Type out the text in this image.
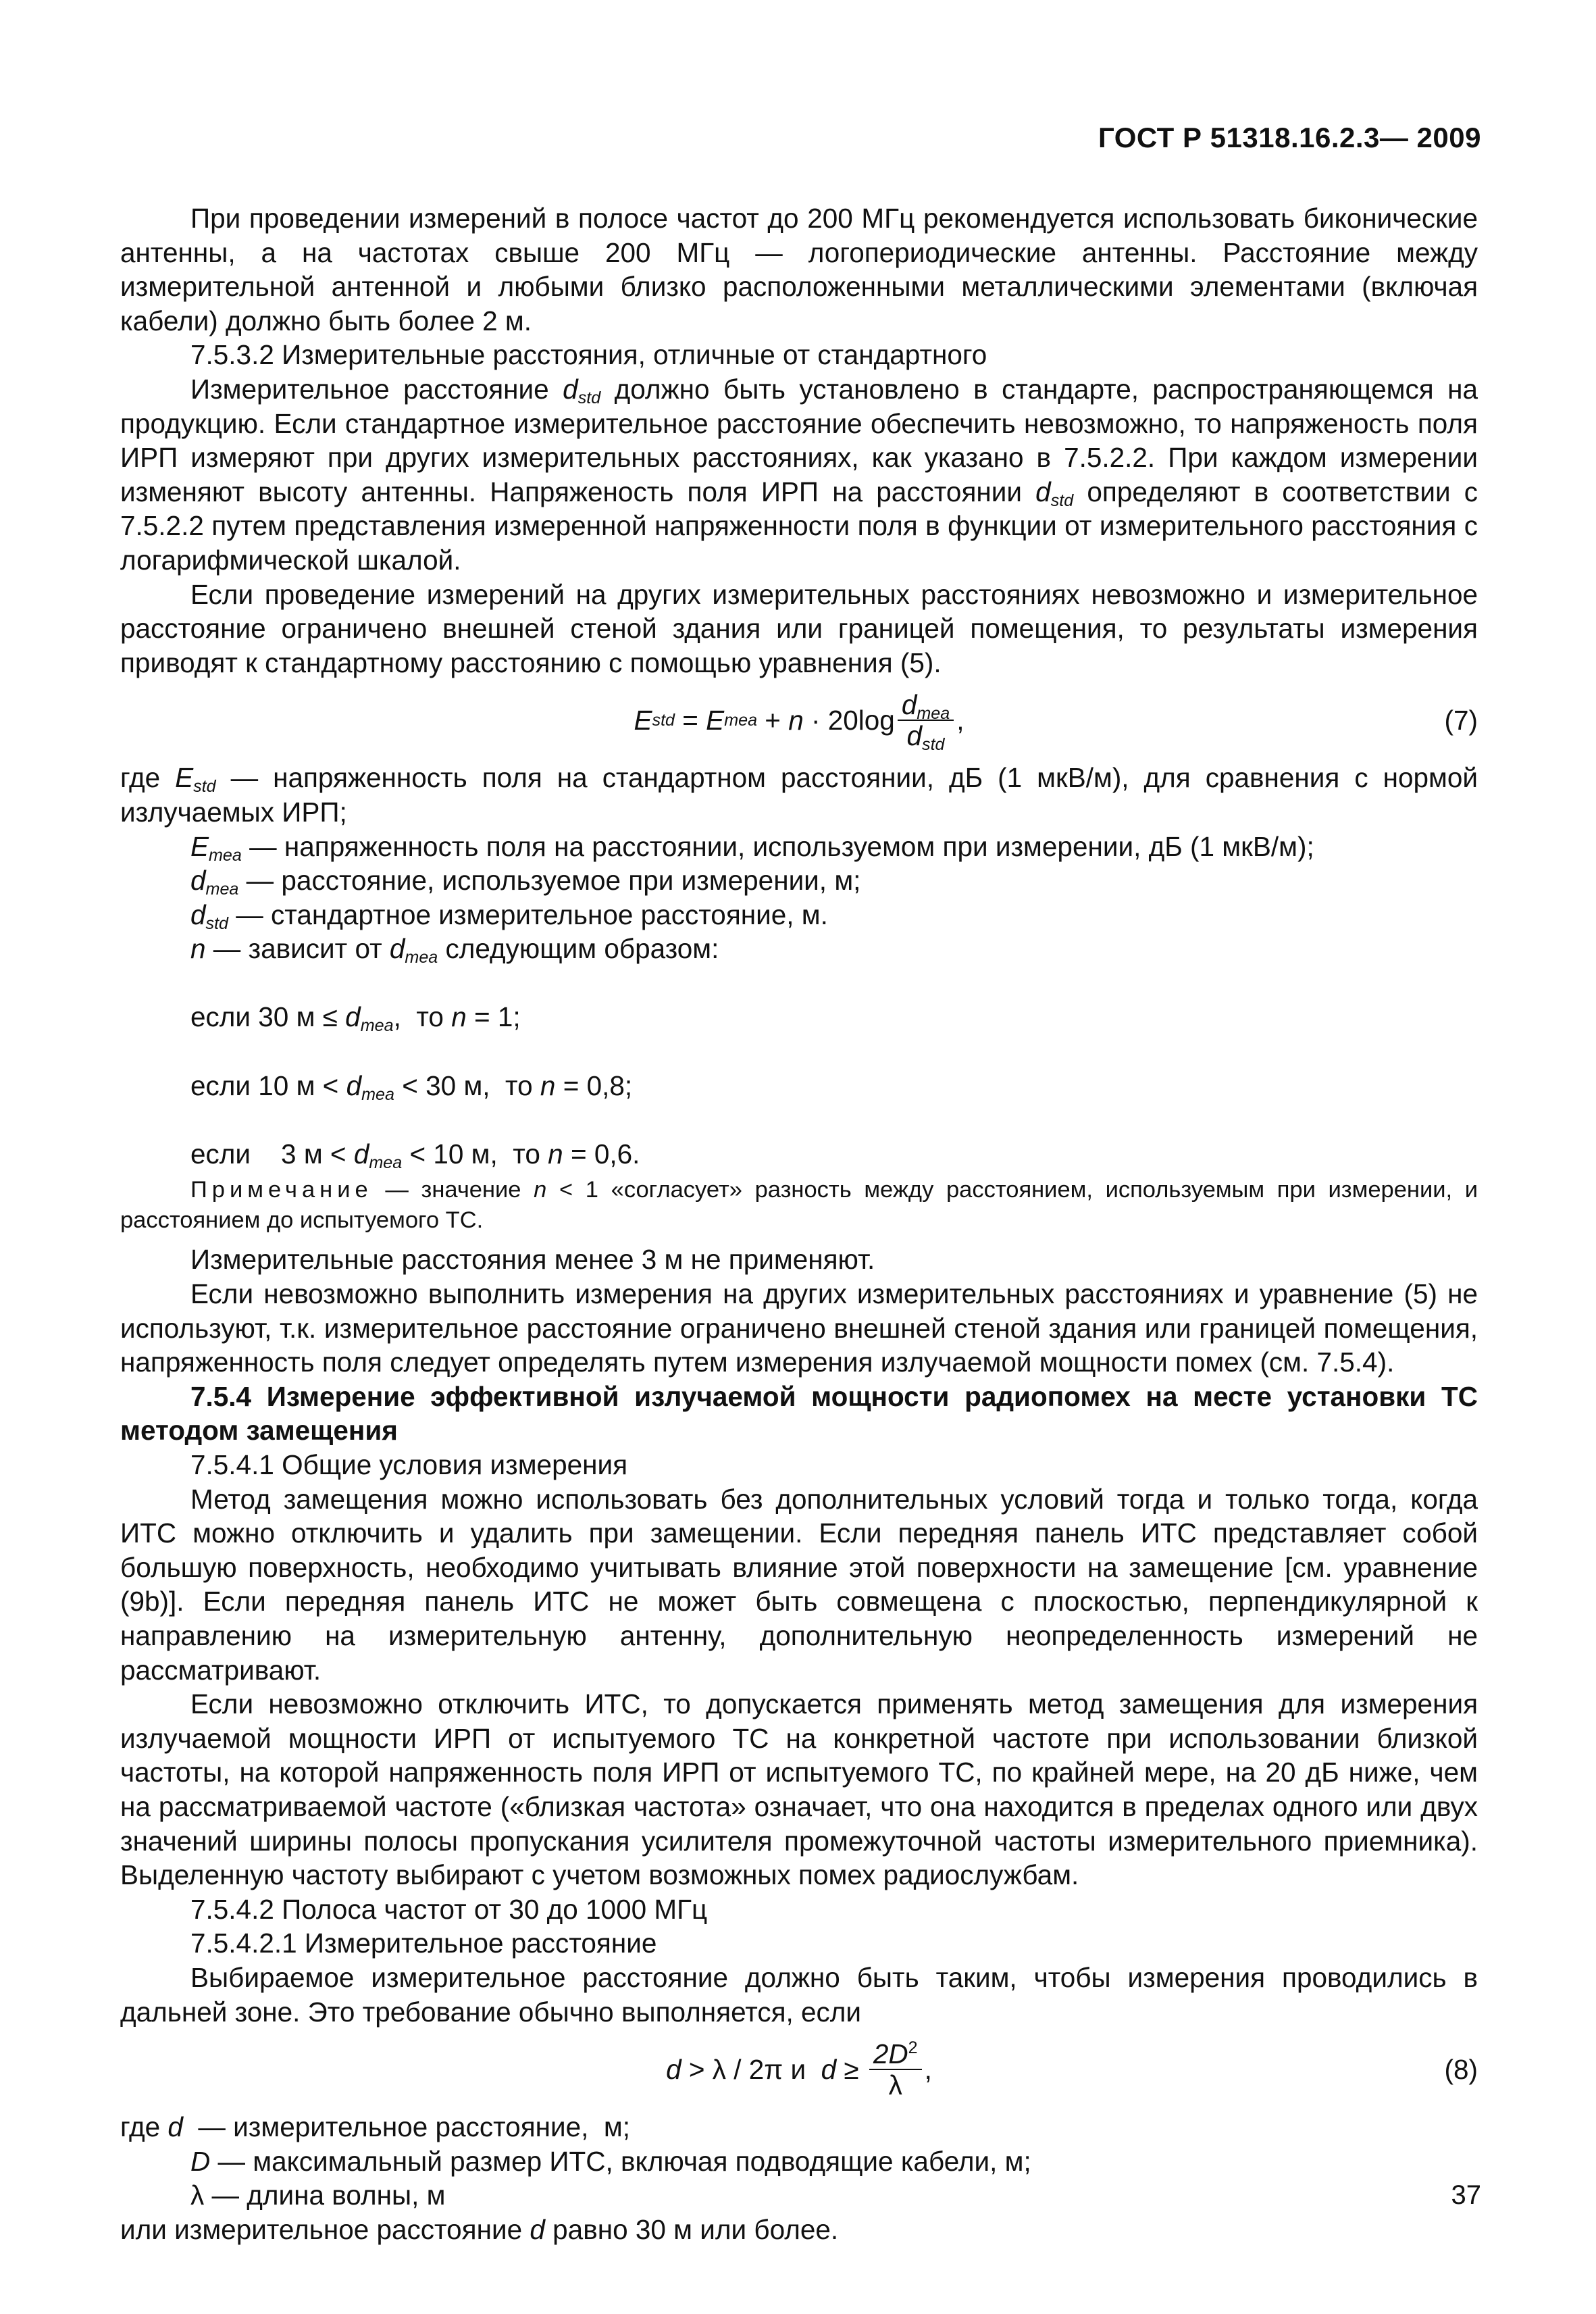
ГОСТ Р 51318.16.2.3— 2009

При проведении измерений в полосе частот до 200 МГц рекомендуется использовать биконические антенны, а на частотах свыше 200 МГц — логопериодические антенны. Расстояние между измерительной антенной и любыми близко расположенными металлическими элементами (включая кабели) должно быть более 2 м.

7.5.3.2 Измерительные расстояния, отличные от стандартного

Измерительное расстояние $d_{std}$ должно быть установлено в стандарте, распространяющемся на продукцию. Если стандартное измерительное расстояние обеспечить невозможно, то напряженость поля ИРП измеряют при других измерительных расстояниях, как указано в 7.5.2.2. При каждом измерении изменяют высоту антенны. Напряженость поля ИРП на расстоянии $d_{std}$ определяют в соответствии с 7.5.2.2 путем представления измеренной напряженности поля в функции от измерительного расстояния с логарифмической шкалой.

Если проведение измерений на других измерительных расстояниях невозможно и измерительное расстояние ограничено внешней стеной здания или границей помещения, то результаты измерения приводят к стандартному расстоянию с помощью уравнения (5).

E std = E mea + $n \cdot 20\log \frac{d_{mea}}{d_{std}}$ ,	(7)

где $E_{std}$ — напряженность поля на стандартном расстоянии, дБ (1 мкВ/м), для сравнения с нормой излучаемых ИРП;

$E_{mea}$ — напряженность поля на расстоянии, используемом при измерении, дБ (1 мкВ/м);

$d_{mea}$ — расстояние, используемое при измерении, м;

$d_{std}$ — стандартное измерительное расстояние, м.

n — зависит от $d_{mea}$ следующим образом:

если 30 $м \le d_{mea}$,  то n = 1;

если 10 $м < d_{mea} < 30$ м,  то n = 0,8;

если    3 $м < d_{mea} < 10$ м,  то n = 0,6.

Примечание — значение n < 1 «согласует» разность между расстоянием, используемым при измерении, и расстоянием до испытуемого ТС.

Измерительные расстояния менее 3 м не применяют.

Если невозможно выполнить измерения на других измерительных расстояниях и уравнение (5) не используют, т.к. измерительное расстояние ограничено внешней стеной здания или границей помещения, напряженность поля следует определять путем измерения излучаемой мощности помех (см. 7.5.4).

7.5.4 Измерение эффективной излучаемой мощности радиопомех на месте установки ТС методом замещения

7.5.4.1 Общие условия измерения

Метод замещения можно использовать без дополнительных условий тогда и только тогда, когда ИТС можно отключить и удалить при замещении. Если передняя панель ИТС представляет собой большую поверхность, необходимо учитывать влияние этой поверхности на замещение [см. уравнение (9b)]. Если передняя панель ИТС не может быть совмещена с плоскостью, перпендикулярной к направлению на измерительную антенну, дополнительную неопределенность измерений не рассматривают.

Если невозможно отключить ИТС, то допускается применять метод замещения для измерения излучаемой мощности ИРП от испытуемого ТС на конкретной частоте при использовании близкой частоты, на которой напряженность поля ИРП от испытуемого ТС, по крайней мере, на 20 дБ ниже, чем на рассматриваемой частоте («близкая частота» означает, что она находится в пределах одного или двух значений ширины полосы пропускания усилителя промежуточной частоты измерительного приемника). Выделенную частоту выбирают с учетом возможных помех радиослужбам.

7.5.4.2 Полоса частот от 30 до 1000 МГц

7.5.4.2.1 Измерительное расстояние

Выбираемое измерительное расстояние должно быть таким, чтобы измерения проводились в дальней зоне. Это требование обычно выполняется, если

d > λ / 2π и $d \ge \frac{2D^2}{\lambda}$ ,	(8)

где d  — измерительное расстояние,  м;

D — максимальный размер ИТС, включая подводящие кабели, м;

λ — длина волны, м

или измерительное расстояние d равно 30 м или более.

37
